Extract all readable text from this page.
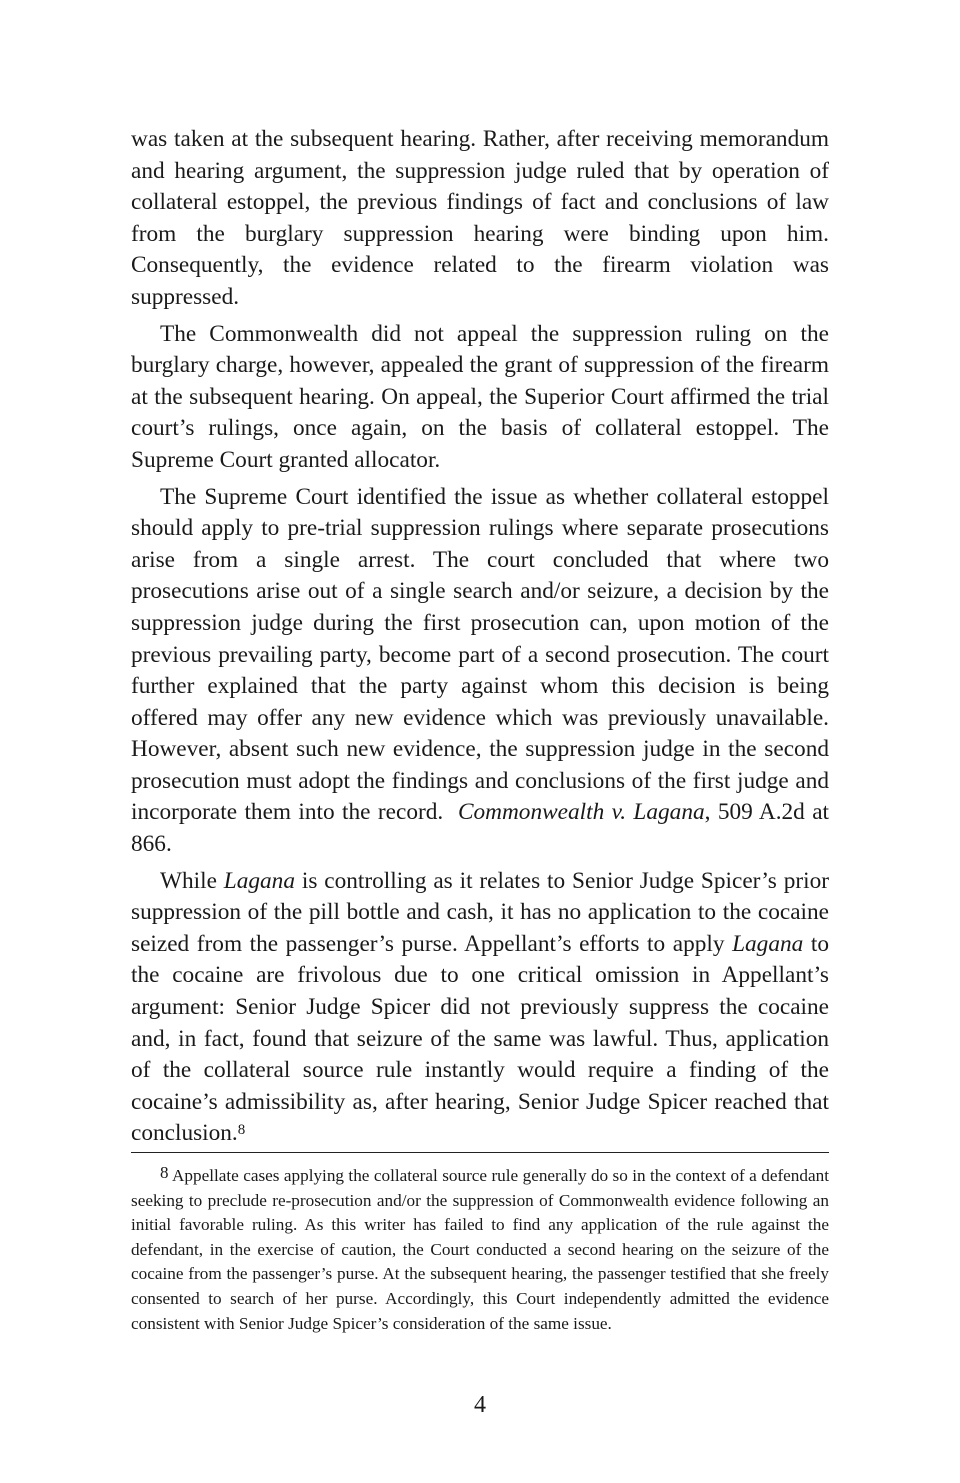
was taken at the subsequent hearing. Rather, after receiving memorandum and hearing argument, the suppression judge ruled that by operation of collateral estoppel, the previous findings of fact and conclusions of law from the burglary suppression hearing were binding upon him. Consequently, the evidence related to the firearm violation was suppressed.

The Commonwealth did not appeal the suppression ruling on the burglary charge, however, appealed the grant of suppression of the firearm at the subsequent hearing. On appeal, the Superior Court affirmed the trial court’s rulings, once again, on the basis of collateral estoppel. The Supreme Court granted allocator.

The Supreme Court identified the issue as whether collateral estoppel should apply to pre-trial suppression rulings where separate prosecutions arise from a single arrest. The court concluded that where two prosecutions arise out of a single search and/or seizure, a decision by the suppression judge during the first prosecution can, upon motion of the previous prevailing party, become part of a second prosecution. The court further explained that the party against whom this decision is being offered may offer any new evidence which was previously unavailable. However, absent such new evidence, the suppression judge in the second prosecution must adopt the findings and conclusions of the first judge and incorporate them into the record. Commonwealth v. Lagana, 509 A.2d at 866.

While Lagana is controlling as it relates to Senior Judge Spicer’s prior suppression of the pill bottle and cash, it has no application to the cocaine seized from the passenger’s purse. Appellant’s efforts to apply Lagana to the cocaine are frivolous due to one critical omission in Appellant’s argument: Senior Judge Spicer did not previously suppress the cocaine and, in fact, found that seizure of the same was lawful. Thus, application of the collateral source rule instantly would require a finding of the cocaine’s admissibility as, after hearing, Senior Judge Spicer reached that conclusion.$^8$

8 Appellate cases applying the collateral source rule generally do so in the context of a defendant seeking to preclude re-prosecution and/or the suppression of Commonwealth evidence following an initial favorable ruling. As this writer has failed to find any application of the rule against the defendant, in the exercise of caution, the Court conducted a second hearing on the seizure of the cocaine from the passenger’s purse. At the subsequent hearing, the passenger testified that she freely consented to search of her purse. Accordingly, this Court independently admitted the evidence consistent with Senior Judge Spicer’s consideration of the same issue.

4
